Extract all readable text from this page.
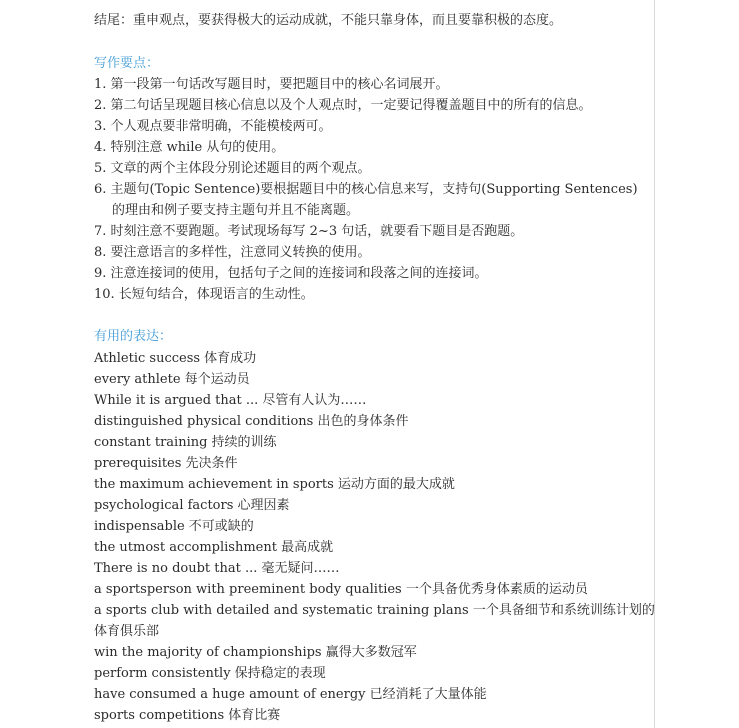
结尾：重申观点，要获得极大的运动成就，不能只靠身体，而且要靠积极的态度。
写作要点：
1. 第一段第一句话改写题目时，要把题目中的核心名词展开。
2. 第二句话呈现题目核心信息以及个人观点时，一定要记得覆盖题目中的所有的信息。
3. 个人观点要非常明确，不能模棱两可。
4. 特别注意 while 从句的使用。
5. 文章的两个主体段分别论述题目的两个观点。
6. 主题句(Topic Sentence)要根据题目中的核心信息来写，支持句(Supporting Sentences)
的理由和例子要支持主题句并且不能离题。
7. 时刻注意不要跑题。考试现场每写 2~3 句话，就要看下题目是否跑题。
8. 要注意语言的多样性，注意同义转换的使用。
9. 注意连接词的使用，包括句子之间的连接词和段落之间的连接词。
10. 长短句结合，体现语言的生动性。
有用的表达：
Athletic success 体育成功
every athlete 每个运动员
While it is argued that ... 尽管有人认为……
distinguished physical conditions 出色的身体条件
constant training 持续的训练
prerequisites 先决条件
the maximum achievement in sports 运动方面的最大成就
psychological factors 心理因素
indispensable 不可或缺的
the utmost accomplishment 最高成就
There is no doubt that ... 毫无疑问……
a sportsperson with preeminent body qualities 一个具备优秀身体素质的运动员
a sports club with detailed and systematic training plans 一个具备细节和系统训练计划的
体育俱乐部
win the majority of championships 赢得大多数冠军
perform consistently 保持稳定的表现
have consumed a huge amount of energy 已经消耗了大量体能
sports competitions 体育比赛
